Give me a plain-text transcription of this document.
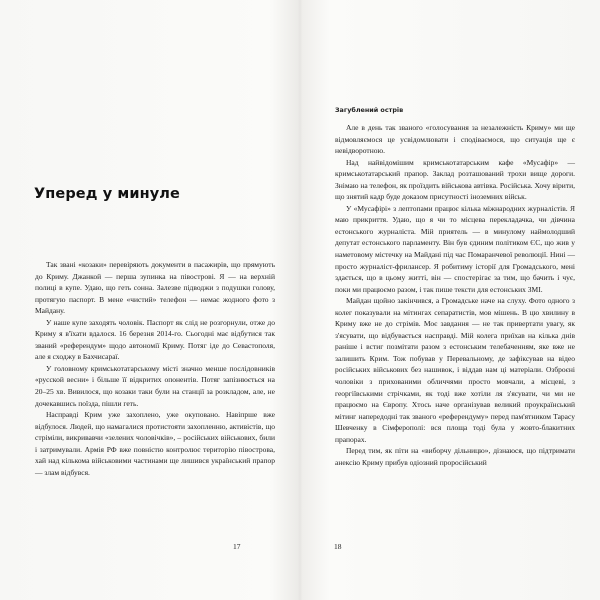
Уперед у минуле

Так звані «козаки» перевіряють документи в пасажирів, що прямують до Криму. Джанкой — перша зупинка на півострові. Я — на верхній полиці в купе. Удаю, що геть сонна. Залезве підводжи з подушки голову, протягую паспорт. В мене «чистий» телефон — немає жодного фото з Майдану.

У наше купе заходять чоловік. Паспорт як слід не розгорнули, отже до Криму я в'їхати вдалося. 16 березня 2014-го. Сьогодні має відбутися так званий «референдум» щодо автономії Криму. Потяг іде до Севастополя, але я сходжу в Бахчисараї.

У головному кримськотатарському місті значно менше послідовників «русской весни» і більше її відкритих опонентів. Потяг запізнюється на 20–25 хв. Вивилося, що козаки таки були на станції за розкладом, але, не дочекавшись поїзда, пішли геть.

Насправді Крим уже захоплено, уже окуповано. Навіпрше вже відбулося. Людей, що намагалися протистояти захопленню, активістів, що стріміли, викривавчи «зелених чоловічків», – російських військових, били і затримували. Армія РФ вже повністю контролює територію півострова, хай над кількома військовими частинами ще лишився український прапор — злам відбувся.

17
Загублений острів

Але в день так званого «голосування за незалежність Криму» ми ще відмовляємося це усвідомлювати і сподіваємося, що ситуація ще є невідворотною.

Над найвідомішим кримськотатарським кафе «Мусафір» — кримськотатарський прапор. Заклад розташований трохи вище дороги. Знімаю на телефон, як проїздить військова автівка. Російська. Хочу вірити, що знятий кадр буде доказом присутності іноземних військ.

У «Мусафірі» з лептопами працює кілька міжнародних журналістів. Я маю прикриття. Удаю, що я чи то місцева перекладачка, чи дівчина естонського журналіста. Мій приятель — в минулому наймолодший депутат естонського парламенту. Він був єдиним політиком ЄС, що жив у наметовому містечку на Майдані під час Помаранчевої революції. Нині — просто журналіст-фрилансер. Я робитиму історії для Громадського, мені здається, що в цьому житті, він — спостерігає за тим, що бачить і чує, поки ми працюємо разом, і так пише тексти для естонських ЗМІ.

Майдан щойно закінчився, а Громадське наче на слуху. Фото одного з колег показували на мітингах сепаратистів, мов мішень. В цю хвилину в Криму вже не до стрімів. Моє завдання — не так привертати увагу, як з'ясувати, що відбувається насправді. Мій колега приїхав на кілька днів раніше і встиг позмітати разом з естонським телебаченням, яке вже не залишить Крим. Тож побував у Перевальному, де зафіксував на відео російських військових без нашивок, і віддав нам ці матеріали. Озброєні чоловіки з прихованими обличчями просто мовчали, а місцеві, з георгіївськими стрічками, як тоді вже хотіли ля з'ясувати, чи ми не працюємо на Європу. Хтось наче організував великий проукраїнський мітинг напередодні так званого «референдуму» перед пам'ятником Тарасу Шевченку в Сімферополі: вся площа тоді була у жовто-блакитних прапорах.

Перед тим, як піти на «виборчу дільницю», дізнаюся, що підтримати анексію Криму прибув одіозний проросійський

18
